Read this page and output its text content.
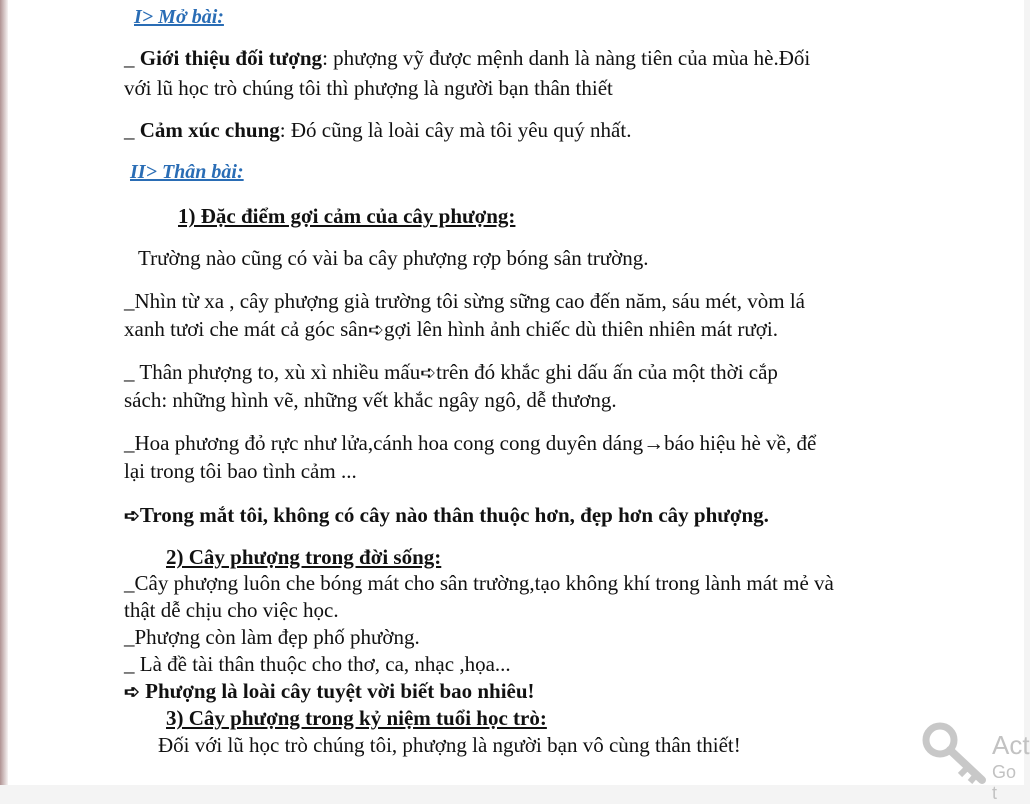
I> Mở bài:
_ Giới thiệu đối tượng: phượng vỹ được mệnh danh là nàng tiên của mùa hè.Đối
với lũ học trò chúng tôi thì phượng là người bạn thân thiết
_ Cảm xúc chung: Đó cũng là loài cây mà tôi yêu quý nhất.
II> Thân bài:
1) Đặc điểm gợi cảm của cây phượng:
Trường nào cũng có vài ba cây phượng rợp bóng sân trường.
_Nhìn từ xa , cây phượng già trường tôi sừng sững cao đến năm, sáu mét, vòm lá
xanh tươi che mát cả góc sân➪gợi lên hình ảnh chiếc dù thiên nhiên mát rượi.
_ Thân phượng to, xù xì nhiều mấu➪trên đó khắc ghi dấu ấn của một thời cắp
sách: những hình vẽ, những vết khắc ngây ngô, dễ thương.
_Hoa phương đỏ rực như lửa,cánh hoa cong cong duyên dáng→báo hiệu hè về, để
lại trong tôi bao tình cảm ...
➪Trong mắt tôi, không có cây nào thân thuộc hơn, đẹp hơn cây phượng.
2) Cây phượng trong đời sống:
_Cây phượng luôn che bóng mát cho sân trường,tạo không khí trong lành mát mẻ và
thật dễ chịu cho việc học.
_Phượng còn làm đẹp phố phường.
_ Là đề tài thân thuộc cho thơ, ca, nhạc ,họa...
➪ Phượng là loài cây tuyệt vời biết bao nhiêu!
3) Cây phượng trong kỷ niệm tuổi học trò:
Đối với lũ học trò chúng tôi, phượng là người bạn vô cùng thân thiết!	Act
Go t
